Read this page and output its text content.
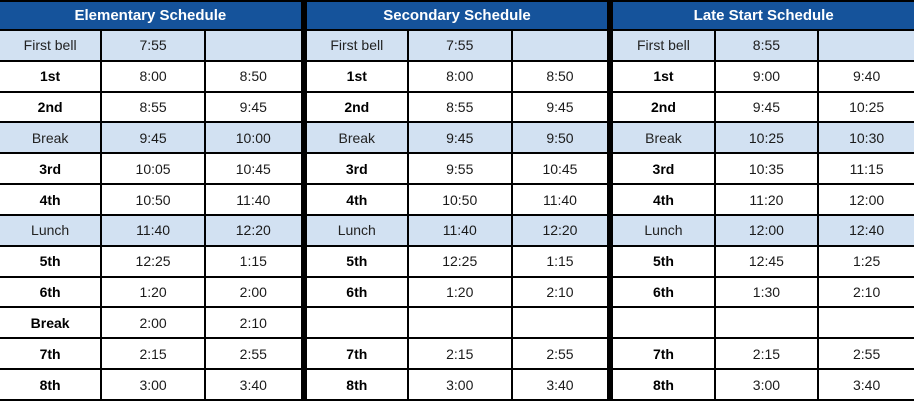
Elementary Schedule
First bell	7:55
1st	8:00	8:50
2nd	8:55	9:45
Break	9:45	10:00
3rd	10:05	10:45
4th	10:50	11:40
Lunch	11:40	12:20
5th	12:25	1:15
6th	1:20	2:00
Break	2:00	2:10
7th	2:15	2:55
8th	3:00	3:40
Secondary Schedule
First bell	7:55
1st	8:00	8:50
2nd	8:55	9:45
Break	9:45	9:50
3rd	9:55	10:45
4th	10:50	11:40
Lunch	11:40	12:20
5th	12:25	1:15
6th	1:20	2:10
7th	2:15	2:55
8th	3:00	3:40
Late Start Schedule
First bell	8:55
1st	9:00	9:40
2nd	9:45	10:25
Break	10:25	10:30
3rd	10:35	11:15
4th	11:20	12:00
Lunch	12:00	12:40
5th	12:45	1:25
6th	1:30	2:10
7th	2:15	2:55
8th	3:00	3:40
